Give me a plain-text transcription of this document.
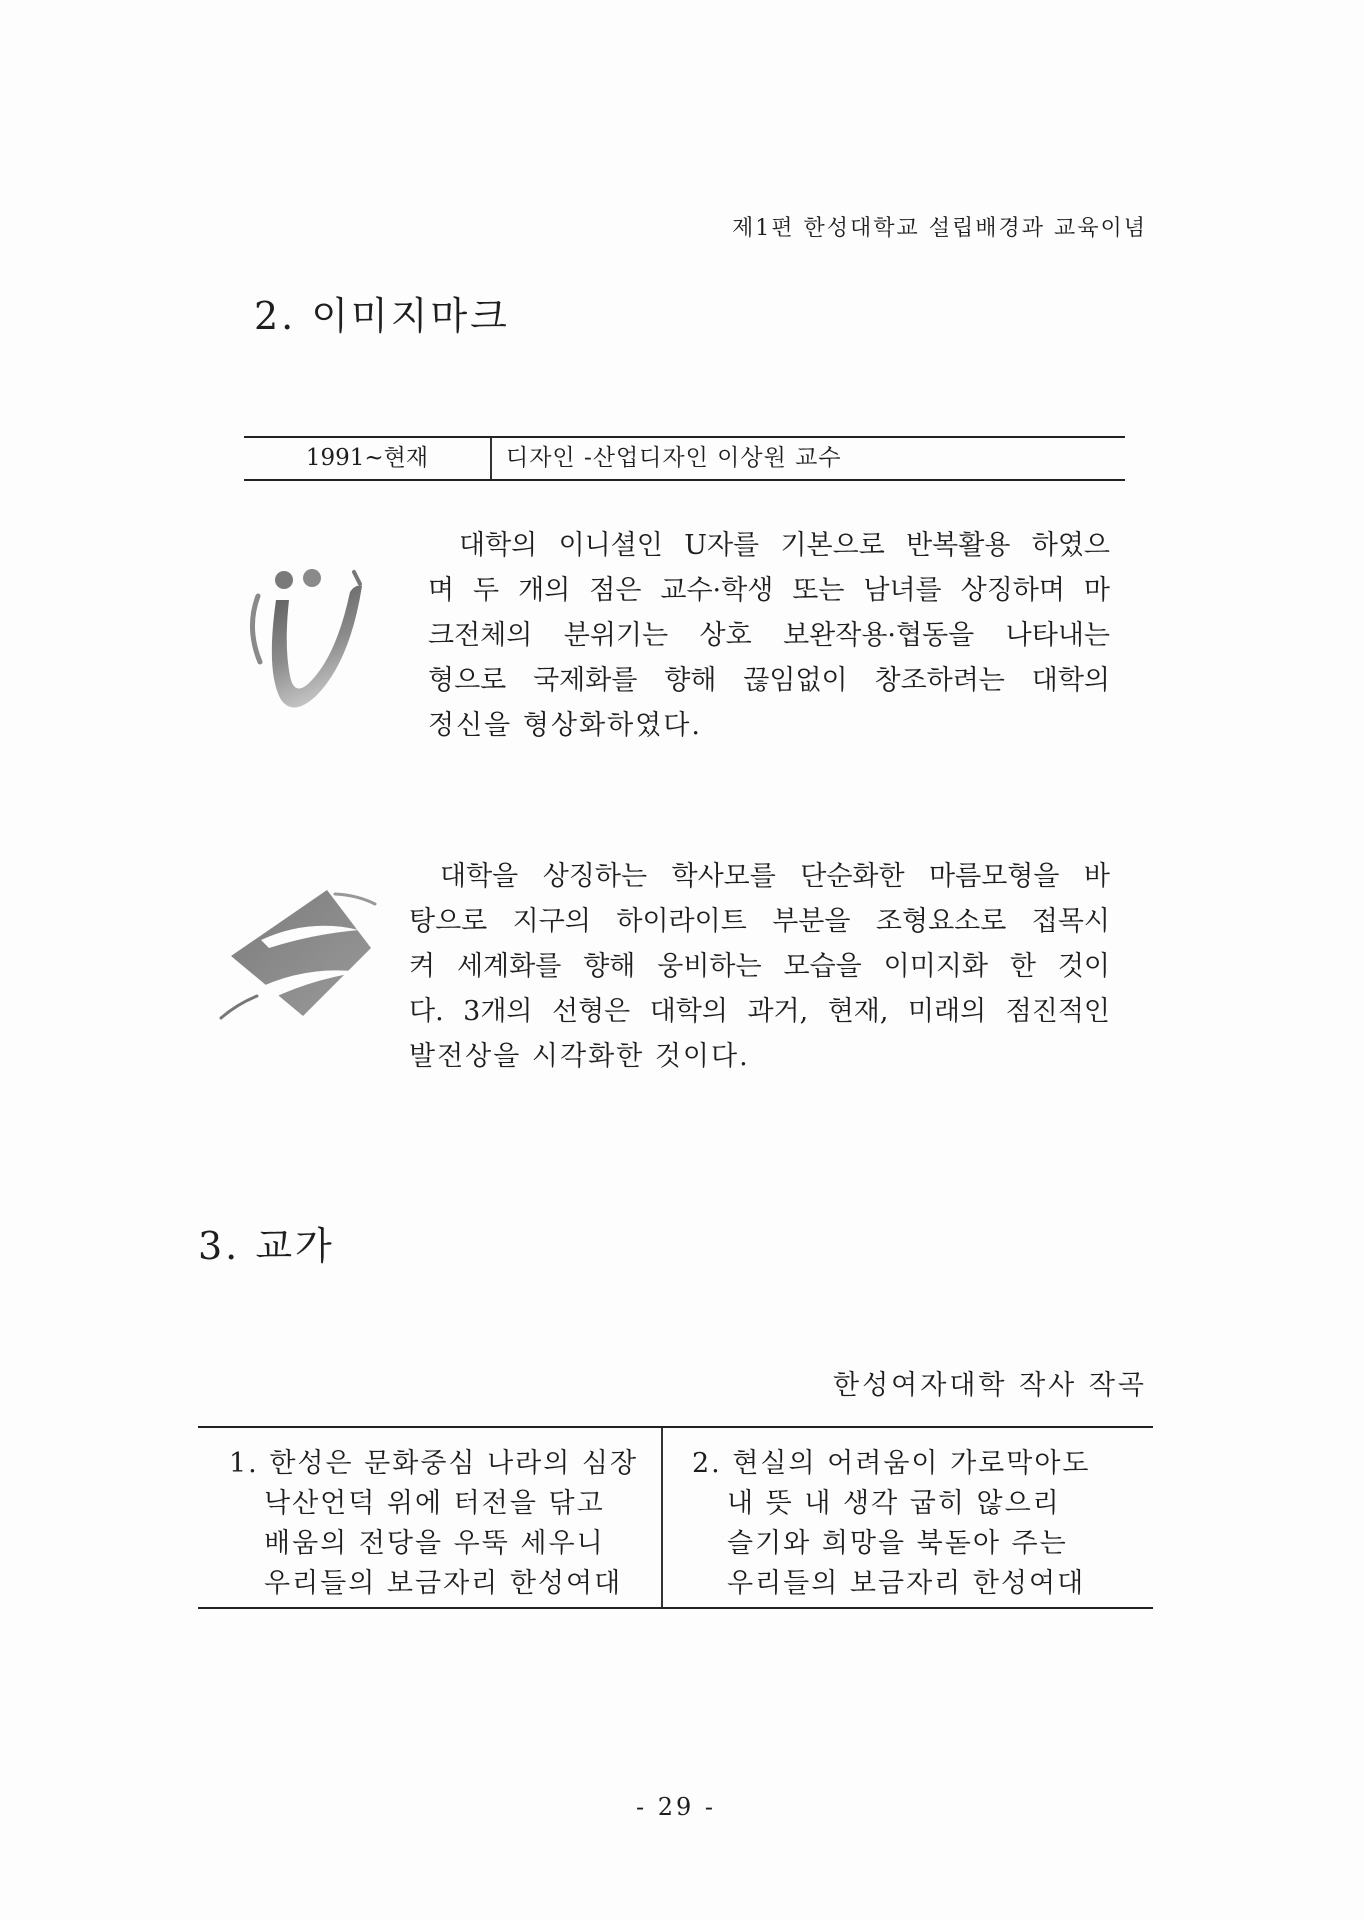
제1편 한성대학교 설립배경과 교육이념
2. 이미지마크
1991~현재	디자인 -산업디자인 이상원 교수
대학의 이니셜인 U자를 기본으로 반복활용 하였으
며 두 개의 점은 교수·학생 또는 남녀를 상징하며 마
크전체의 분위기는 상호 보완작용·협동을 나타내는
형으로 국제화를 향해 끊임없이 창조하려는 대학의
정신을 형상화하였다.
대학을 상징하는 학사모를 단순화한 마름모형을 바
탕으로 지구의 하이라이트 부분을 조형요소로 접목시
켜 세계화를 향해 웅비하는 모습을 이미지화 한 것이
다. 3개의 선형은 대학의 과거, 현재, 미래의 점진적인
발전상을 시각화한 것이다.
3. 교가
한성여자대학 작사 작곡
1. 한성은 문화중심 나라의 심장
낙산언덕 위에 터전을 닦고
배움의 전당을 우뚝 세우니
우리들의 보금자리 한성여대
2. 현실의 어려움이 가로막아도
내 뜻 내 생각 굽히 않으리
슬기와 희망을 북돋아 주는
우리들의 보금자리 한성여대
- 29 -
